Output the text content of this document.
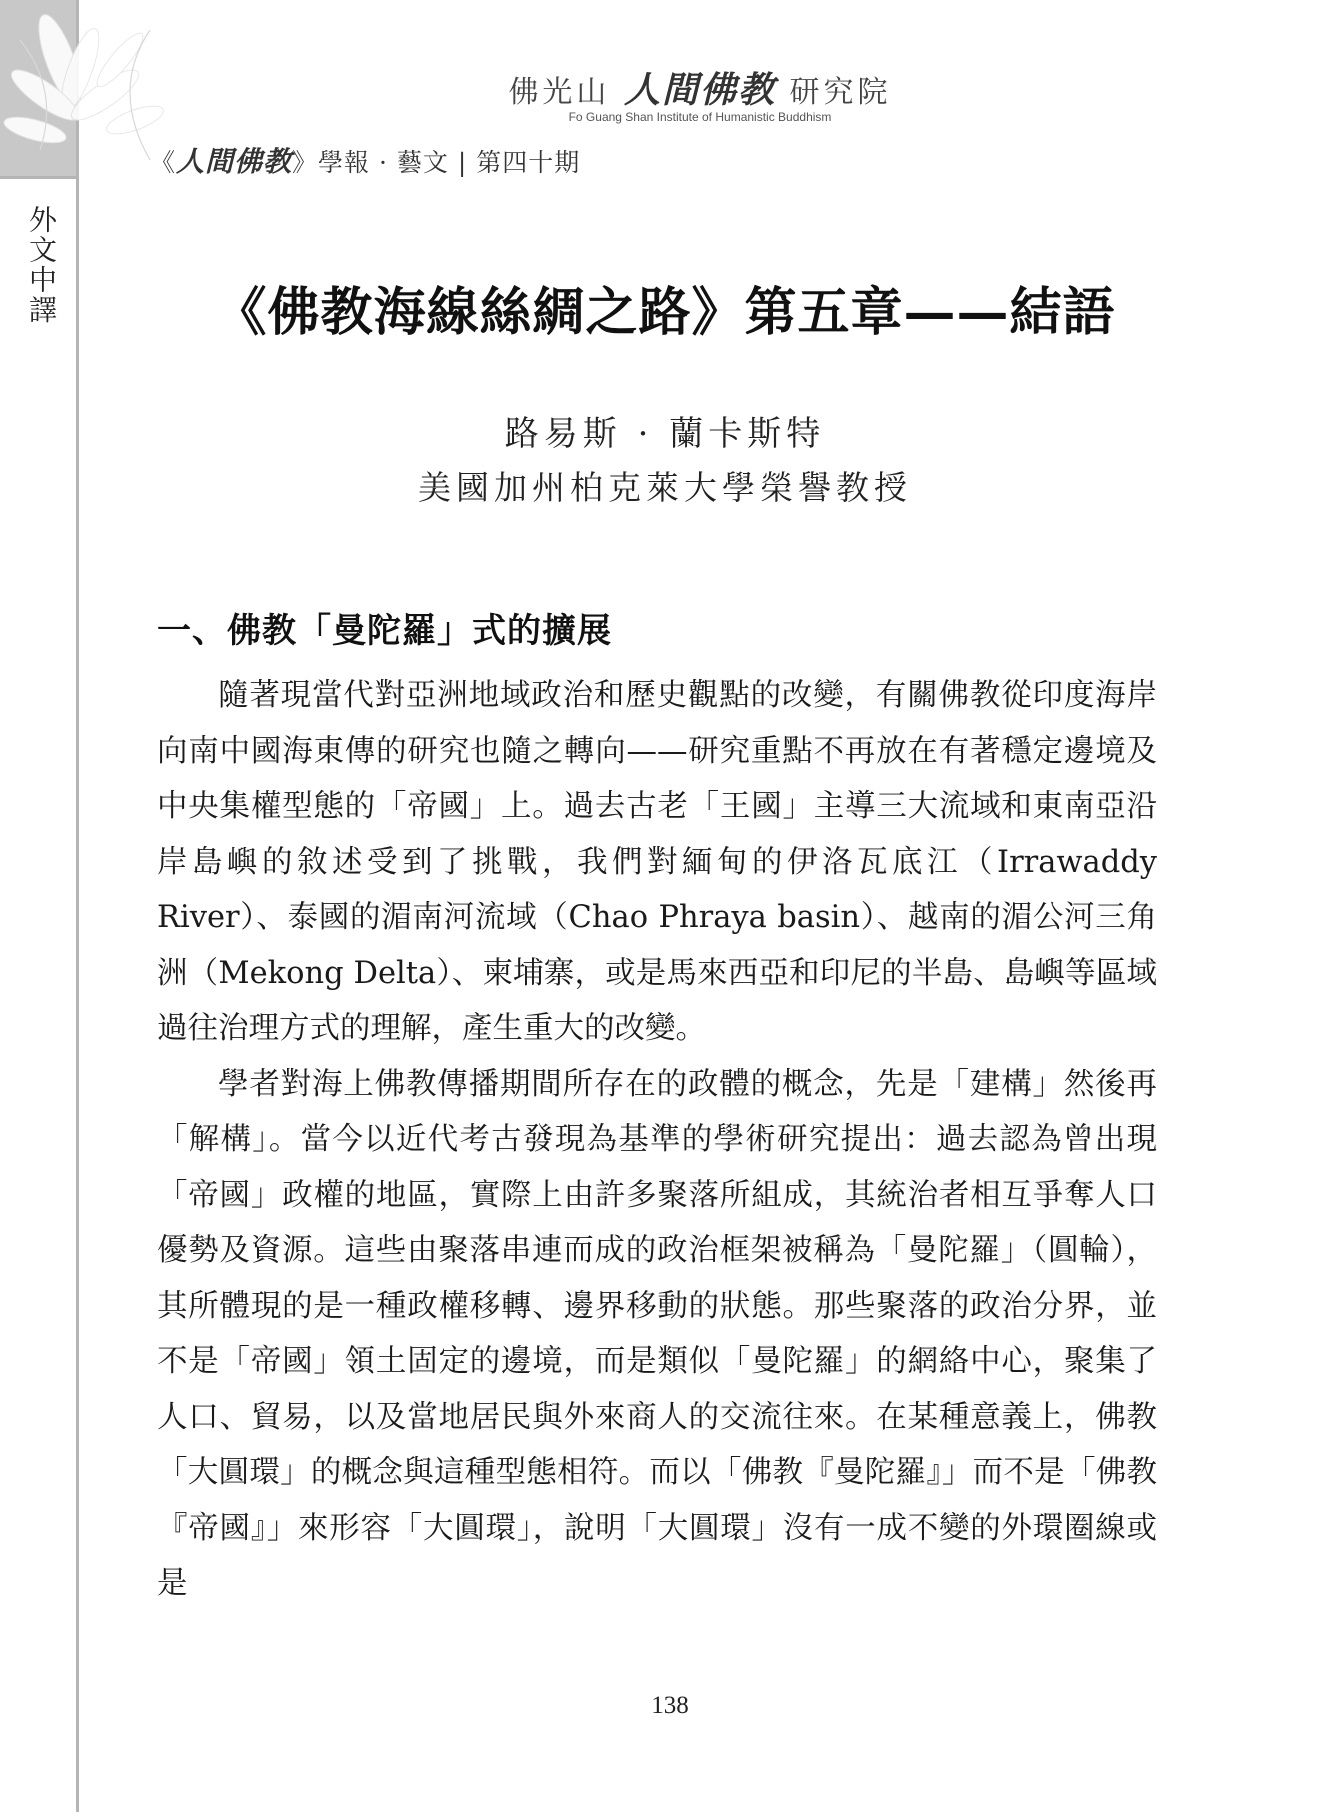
外文中譯
佛光山 人間佛教 研究院
Fo Guang Shan Institute of Humanistic Buddhism
《人間佛教》學報 · 藝文 | 第四十期
《佛教海線絲綢之路》第五章——結語
路易斯 · 蘭卡斯特
美國加州柏克萊大學榮譽教授
一、佛教「曼陀羅」式的擴展

隨著現當代對亞洲地域政治和歷史觀點的改變，有關佛教從印度海岸向南中國海東傳的研究也隨之轉向——研究重點不再放在有著穩定邊境及中央集權型態的「帝國」上。過去古老「王國」主導三大流域和東南亞沿岸島嶼的敘述受到了挑戰，我們對緬甸的伊洛瓦底江（Irrawaddy River）、泰國的湄南河流域（Chao Phraya basin）、越南的湄公河三角洲（Mekong Delta）、柬埔寨，或是馬來西亞和印尼的半島、島嶼等區域過往治理方式的理解，產生重大的改變。

學者對海上佛教傳播期間所存在的政體的概念，先是「建構」然後再「解構」。當今以近代考古發現為基準的學術研究提出：過去認為曾出現「帝國」政權的地區，實際上由許多聚落所組成，其統治者相互爭奪人口優勢及資源。這些由聚落串連而成的政治框架被稱為「曼陀羅」（圓輪），其所體現的是一種政權移轉、邊界移動的狀態。那些聚落的政治分界，並不是「帝國」領土固定的邊境，而是類似「曼陀羅」的網絡中心，聚集了人口、貿易，以及當地居民與外來商人的交流往來。在某種意義上，佛教「大圓環」的概念與這種型態相符。而以「佛教『曼陀羅』」而不是「佛教『帝國』」來形容「大圓環」，說明「大圓環」沒有一成不變的外環圈線或是

138
